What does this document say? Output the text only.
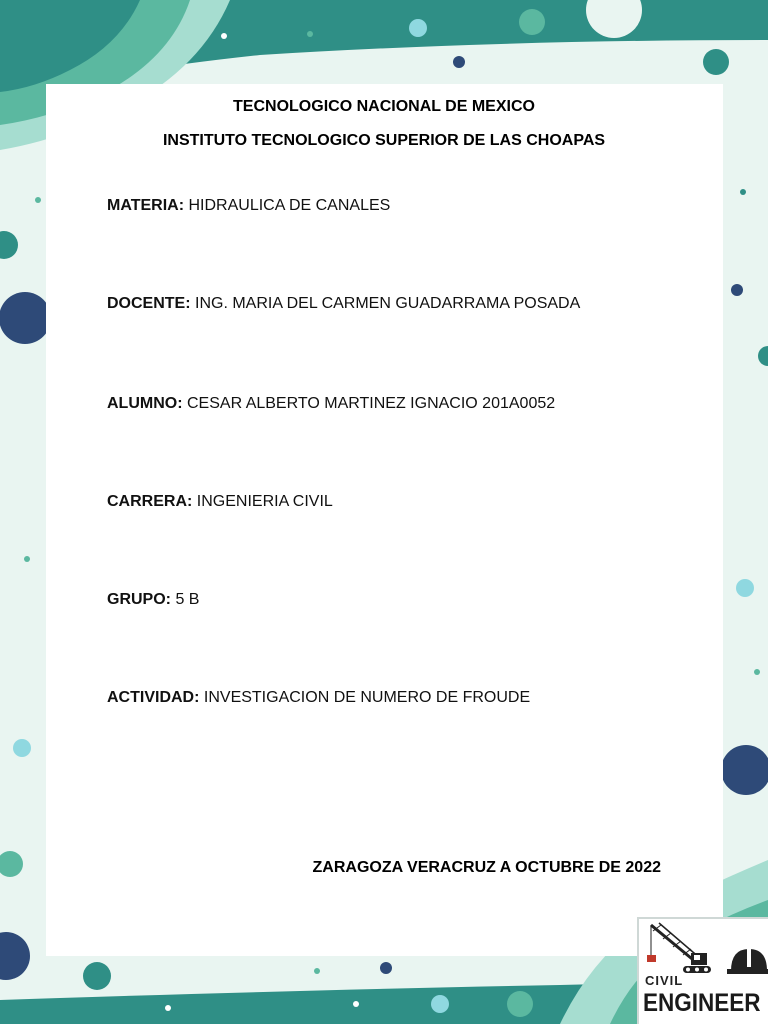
TECNOLOGICO NACIONAL DE MEXICO
INSTITUTO TECNOLOGICO SUPERIOR DE LAS CHOAPAS
MATERIA: HIDRAULICA DE CANALES
DOCENTE: ING. MARIA DEL CARMEN GUADARRAMA POSADA
ALUMNO: CESAR ALBERTO MARTINEZ IGNACIO 201A0052
CARRERA: INGENIERIA CIVIL
GRUPO: 5 B
ACTIVIDAD: INVESTIGACION DE NUMERO DE FROUDE
ZARAGOZA VERACRUZ A OCTUBRE DE 2022
CIVIL
ENGINEER
